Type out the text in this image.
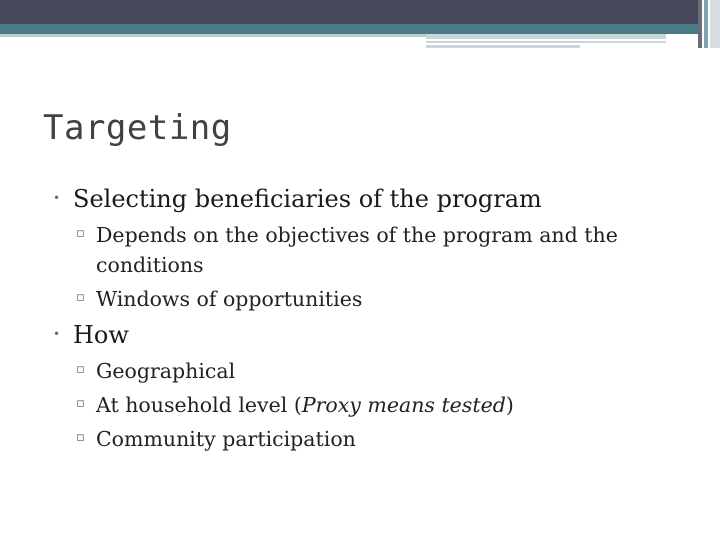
Targeting
• Selecting beneficiaries of the program
▫ Depends on the objectives of the program and the
conditions
▫ Windows of opportunities
• How
▫ Geographical
▫ At household level (Proxy means tested)
▫ Community participation
